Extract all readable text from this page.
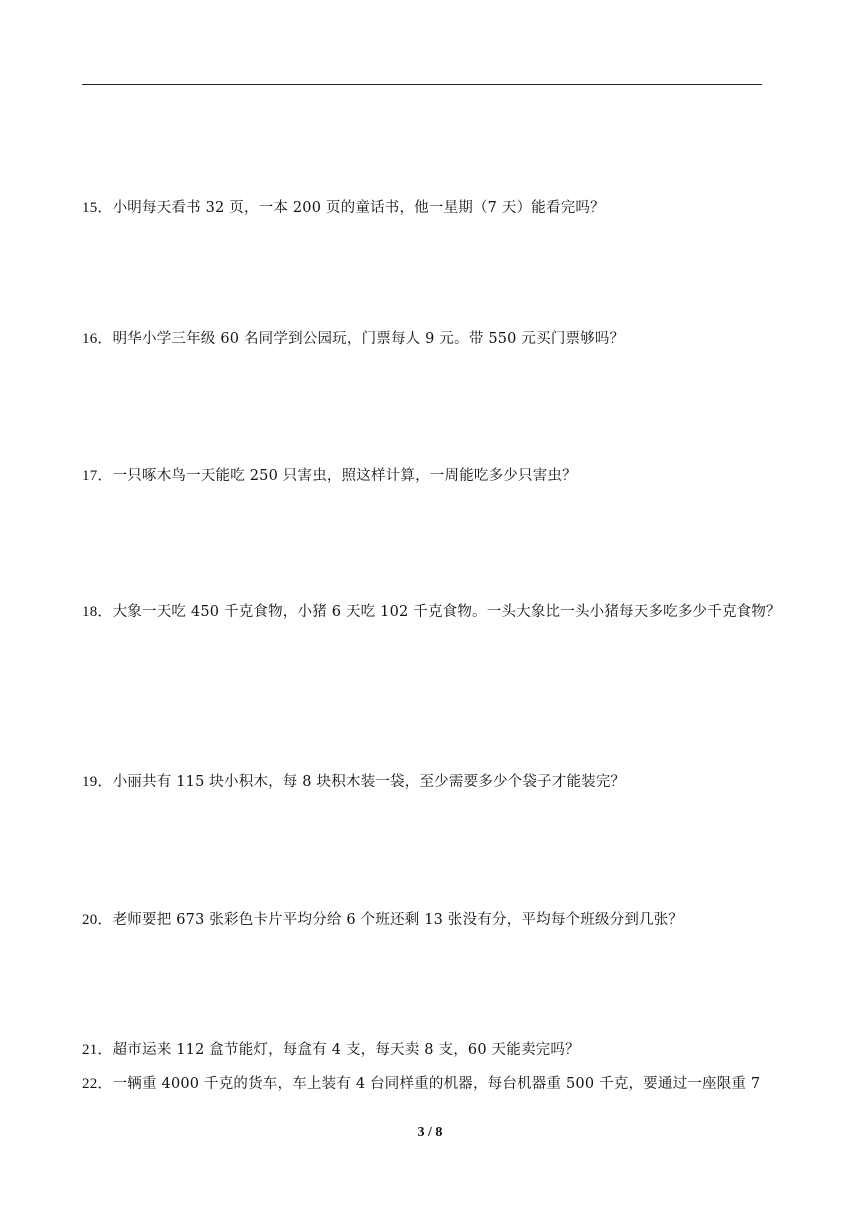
15．小明每天看书 32 页，一本 200 页的童话书，他一星期（7 天）能看完吗？

16．明华小学三年级 60 名同学到公园玩，门票每人 9 元。带 550 元买门票够吗？

17．一只啄木鸟一天能吃 250 只害虫，照这样计算，一周能吃多少只害虫？

18．大象一天吃 450 千克食物，小猪 6 天吃 102 千克食物。一头大象比一头小猪每天多吃多少千克食物？

19．小丽共有 115 块小积木，每 8 块积木装一袋，至少需要多少个袋子才能装完？

20．老师要把 673 张彩色卡片平均分给 6 个班还剩 13 张没有分，平均每个班级分到几张？

21．超市运来 112 盒节能灯，每盒有 4 支，每天卖 8 支，60 天能卖完吗？

22．一辆重 4000 千克的货车，车上装有 4 台同样重的机器，每台机器重 500 千克，要通过一座限重 7

3 / 8
